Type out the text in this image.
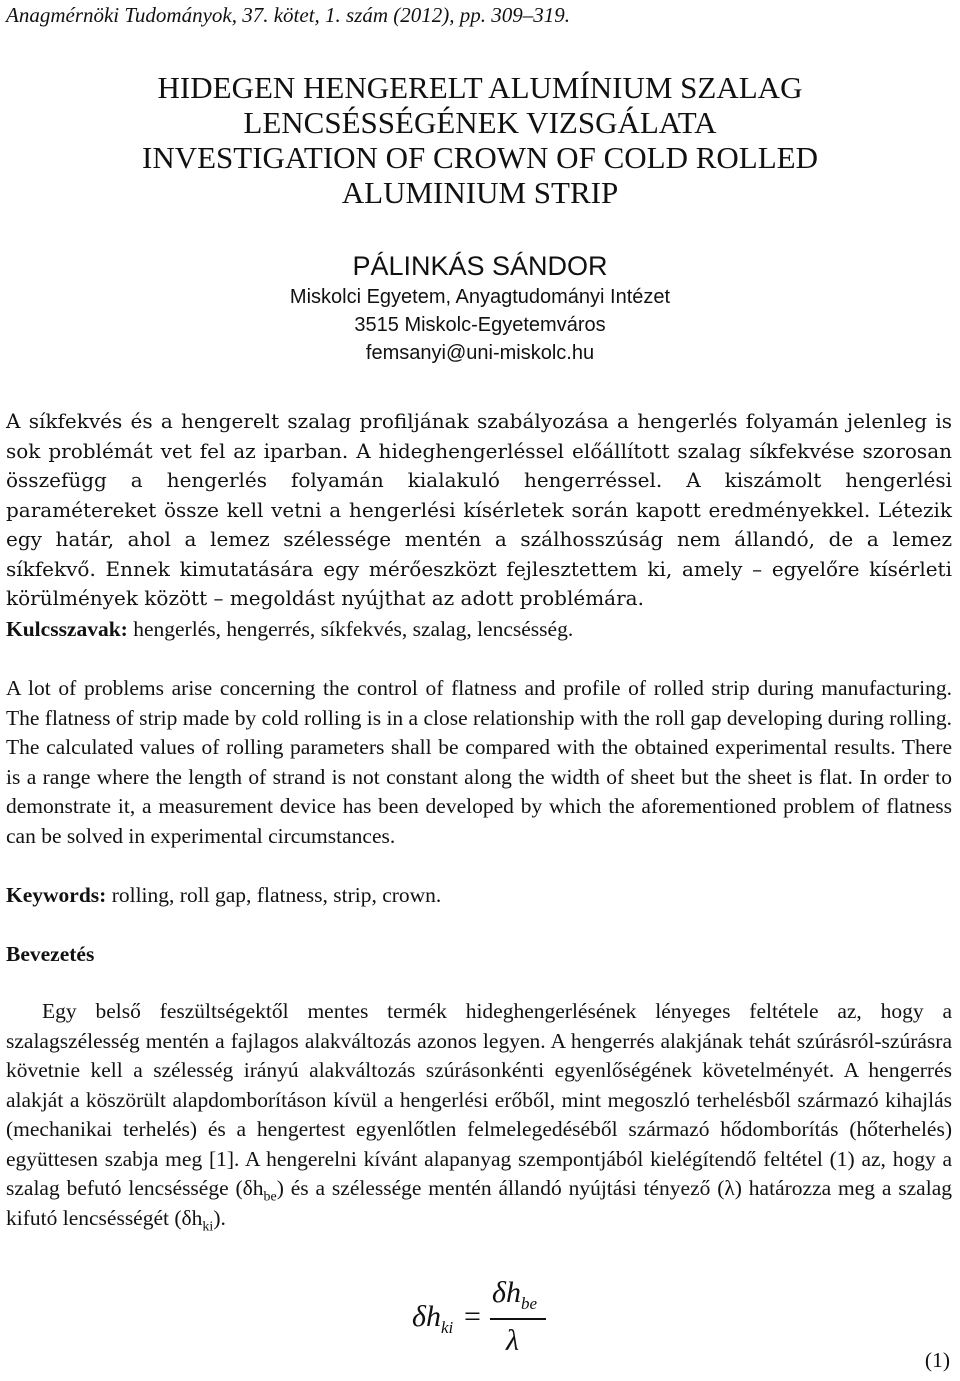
Anagmérnöki Tudományok, 37. kötet, 1. szám (2012), pp. 309–319.

HIDEGEN HENGERELT ALUMÍNIUM SZALAG
LENCSÉSSÉGÉNEK VIZSGÁLATA
INVESTIGATION OF CROWN OF COLD ROLLED
ALUMINIUM STRIP
PÁLINKÁS SÁNDOR
Miskolci Egyetem, Anyagtudományi Intézet
3515 Miskolc-Egyetemváros
femsanyi@uni-miskolc.hu

A síkfekvés és a hengerelt szalag profiljának szabályozása a hengerlés folyamán jelenleg is sok problémát vet fel az iparban. A hideghengerléssel előállított szalag síkfekvése szorosan összefügg a hengerlés folyamán kialakuló hengerréssel. A kiszámolt hengerlési paramétereket össze kell vetni a hengerlési kísérletek során kapott eredményekkel. Létezik egy határ, ahol a lemez szélessége mentén a szálhosszúság nem állandó, de a lemez síkfekvő. Ennek kimutatására egy mérőeszközt fejlesztettem ki, amely – egyelőre kísérleti körülmények között – megoldást nyújthat az adott problémára.

Kulcsszavak: hengerlés, hengerrés, síkfekvés, szalag, lencsésség.

A lot of problems arise concerning the control of flatness and profile of rolled strip during manufacturing. The flatness of strip made by cold rolling is in a close relationship with the roll gap developing during rolling. The calculated values of rolling parameters shall be compared with the obtained experimental results. There is a range where the length of strand is not constant along the width of sheet but the sheet is flat. In order to demonstrate it, a measurement device has been developed by which the aforementioned problem of flatness can be solved in experimental circumstances.

Keywords: rolling, roll gap, flatness, strip, crown.

Bevezetés

Egy belső feszültségektől mentes termék hideghengerlésének lényeges feltétele az, hogy a szalagszélesség mentén a fajlagos alakváltozás azonos legyen. A hengerrés alakjának tehát szúrásról-szúrásra követnie kell a szélesség irányú alakváltozás szúrásonkénti egyenlőségének követelményét. A hengerrés alakját a köszörült alapdomborításon kívül a hengerlési erőből, mint megoszló terhelésből származó kihajlás (mechanikai terhelés) és a hengertest egyenlőtlen felmelegedéséből származó hődomborítás (hőterhelés) együttesen szabja meg [1]. A hengerelni kívánt alapanyag szempontjából kielégítendő feltétel (1) az, hogy a szalag befutó lencséssége $(\delta h_{be})$ és a szélessége mentén állandó nyújtási tényező (λ) határozza meg a szalag kifutó lencsésségét $(\delta h_{ki})$.

$\delta h_{ki}$ =
$\delta h_{be}$
λ
(1)
